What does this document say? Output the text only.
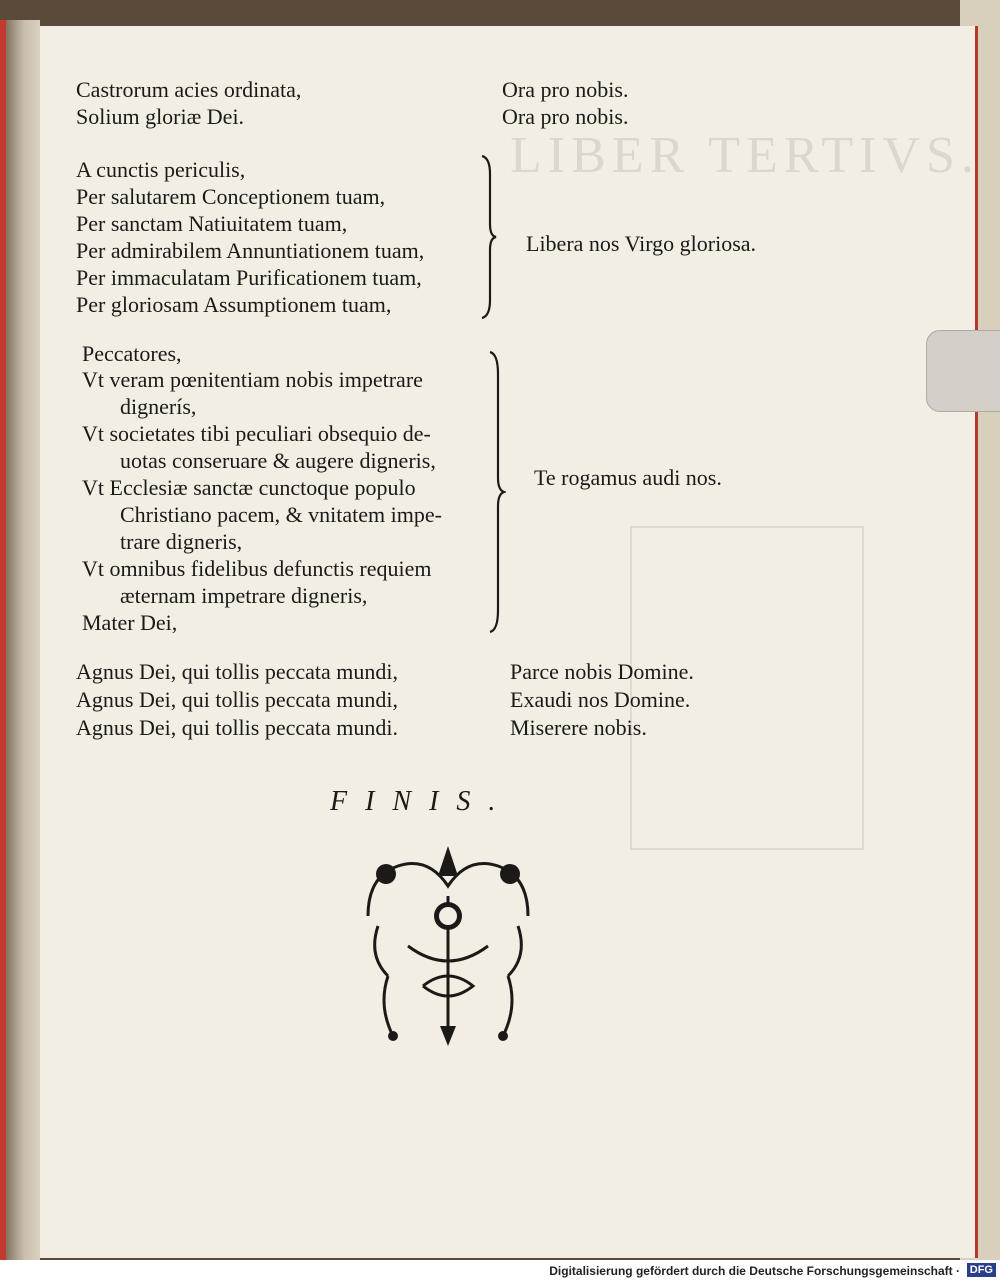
LIBER TERTIVS.
Castrorum acies ordinata,	Ora pro nobis.
Solium gloriæ Dei.	Ora pro nobis.
A cunctis periculis,
Per salutarem Conceptionem tuam,
Per sanctam Natiuitatem tuam,
Per admirabilem Annuntiationem tuam,
Per immaculatam Purificationem tuam,
Per gloriosam Assumptionem tuam,
Libera nos Virgo gloriosa.
Peccatores,
Vt veram pœnitentiam nobis impetrare
dignerís,
Vt societates tibi peculiari obsequio de-
uotas conseruare & augere digneris,
Vt Ecclesiæ sanctæ cunctoque populo
Christiano pacem, & vnitatem impe-
trare digneris,
Vt omnibus fidelibus defunctis requiem
æternam impetrare digneris,
Mater Dei,
Te rogamus audi nos.
Agnus Dei, qui tollis peccata mundi,	Parce nobis Domine.
Agnus Dei, qui tollis peccata mundi,	Exaudi nos Domine.
Agnus Dei, qui tollis peccata mundi.	Miserere nobis.
FINIS.
Digitalisierung gefördert durch die Deutsche Forschungsgemeinschaft · DFG
